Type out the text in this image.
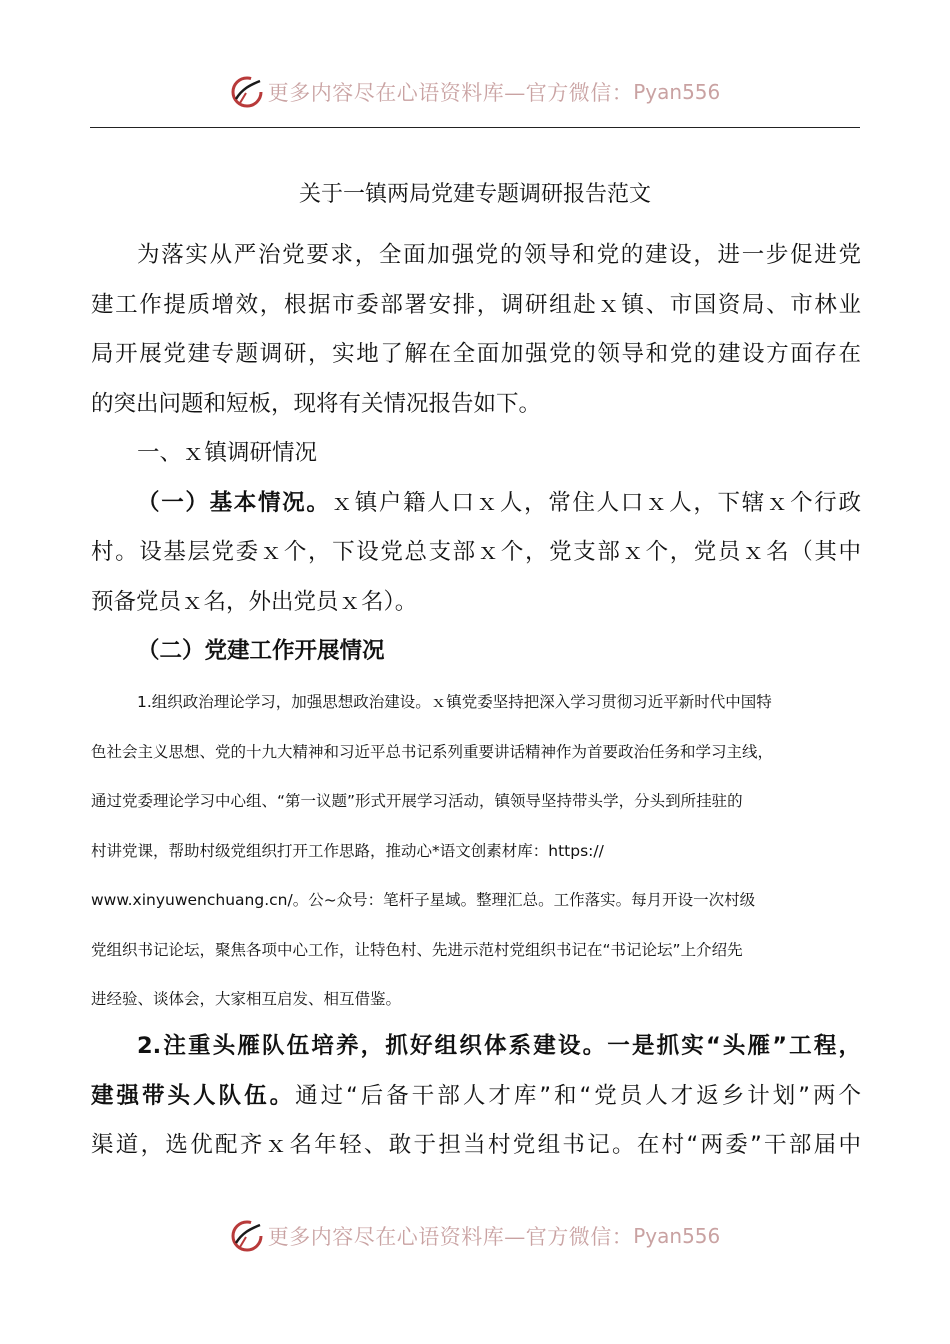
更多内容尽在心语资料库—官方微信： Pyan556
关于一镇两局党建专题调研报告范文
为落实从严治党要求，全面加强党的领导和党的建设，进一步促进党
建工作提质增效，根据市委部署安排，调研组赴ｘ镇、市国资局、市林业
局开展党建专题调研，实地了解在全面加强党的领导和党的建设方面存在
的突出问题和短板，现将有关情况报告如下。
一、ｘ镇调研情况
（一）基本情况。ｘ镇户籍人口ｘ人，常住人口ｘ人，下辖ｘ个行政
村。设基层党委ｘ个，下设党总支部ｘ个，党支部ｘ个，党员ｘ名（其中
预备党员ｘ名，外出党员ｘ名）。
（二）党建工作开展情况
1.组织政治理论学习，加强思想政治建设。ｘ镇党委坚持把深入学习贯彻习近平新时代中国特
色社会主义思想、党的十九大精神和习近平总书记系列重要讲话精神作为首要政治任务和学习主线，
通过党委理论学习中心组、“第一议题”形式开展学习活动，镇领导坚持带头学，分头到所挂驻的
村讲党课，帮助村级党组织打开工作思路，推动心*语文创素材库：https://
www.xinyuwenchuang.cn/。公~众号：笔杆子星域。整理汇总。工作落实。每月开设一次村级
党组织书记论坛，聚焦各项中心工作，让特色村、先进示范村党组织书记在“书记论坛”上介绍先
进经验、谈体会，大家相互启发、相互借鉴。
2.注重头雁队伍培养，抓好组织体系建设。一是抓实“头雁”工程，
建强带头人队伍。通过“后备干部人才库”和“党员人才返乡计划”两个
渠道，选优配齐ｘ名年轻、敢于担当村党组书记。在村“两委”干部届中
更多内容尽在心语资料库—官方微信： Pyan556
